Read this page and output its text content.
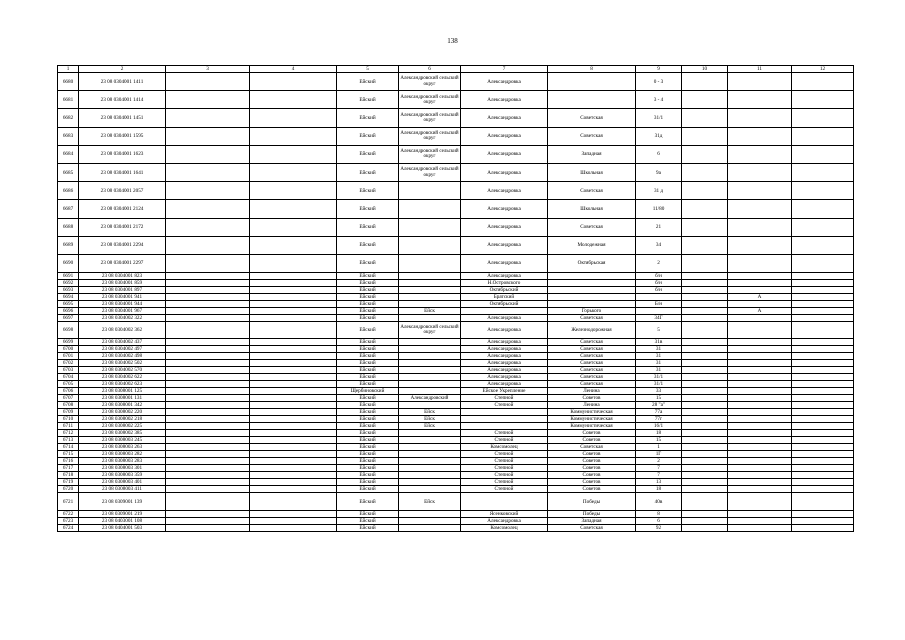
138
1	2	3	4	5	6	7	8	9	10	11	12
6680	23 08 0304001 1411			Ейский	Александровский сельский округ	Александровка		0 - 3			
6681	23 08 0304001 1414			Ейский	Александровский сельский округ	Александровка		3 - 4			
6682	23 08 0304001 1451			Ейский	Александровский сельский округ	Александровка	Советская	31/1			
6683	23 08 0304001 1595			Ейский	Александровский сельский округ	Александровка	Советская	31д			
6684	23 08 0304001 1623			Ейский	Александровский сельский округ	Александровка	Западная	6			
6685	23 08 0304001 1641			Ейский	Александровский сельский округ	Александровка	Школьная	9а			
6686	23 08 0304001 2057			Ейский		Александровка	Советская	31 д			
6687	23 08 0304001 2124			Ейский		Александровка	Школьная	11/80			
6688	23 08 0304001 2172			Ейский		Александровка	Советская	21			
6689	23 08 0304001 2294			Ейский		Александровка	Молодежная	34			
6690	23 08 0304001 2297			Ейский		Александровка	Октябрьская	2			
6691	23 08 0304001 823			Ейский		Александровка		б/н			
6692	23 08 0304001 859			Ейский		Н.Островского		б/н			
6693	23 08 0304001 897			Ейский		Октябрьский		б/н			
6694	23 08 0304001 941			Ейский		Братский				А	
6695	23 08 0304001 944			Ейский		Октябрьский		Б/н			
6696	23 08 0304001 967			Ейский	Ейск		Горького			А	
6697	23 08 0304002 322			Ейский		Александровка	Советская	34Г			
6698	23 08 0304002 362			Ейский	Александровский сельский округ	Александровка	Железнодорожная	5			
6699	23 08 0304002 437			Ейский		Александровка	Советская	31в			
6700	23 08 0304002 497			Ейский		Александровка	Советская	31			
6701	23 08 0304002 498			Ейский		Александровка	Советская	31			
6702	23 08 0304002 502			Ейский		Александровка	Советская	31			
6703	23 08 0304002 570			Ейский		Александровка	Советская	31			
6704	23 08 0304002 622			Ейский		Александровка	Советская	31/1			
6705	23 08 0304002 623			Ейский		Александровка	Советская	31/1			
6706	23 08 0308001 125			Щербиновский		Ейское Укрепление	Ленина	33			
6707	23 08 0308001 131			Ейский	Александровский	Степной	Советов	15			
6708	23 08 0308001 342			Ейский		Степной	Ленина	28 "а"			
6709	23 08 0308002 220			Ейский	Ейск		Коммунистическая	77а			
6710	23 08 0308002 218			Ейский	Ейск		Коммунистическая	77г			
6711	23 08 0308002 225			Ейский	Ейск		Коммунистическая	16/1			
6712	23 08 0308002 385			Ейский		Степной	Советов	18			
6713	23 08 0308003 245			Ейский		Степной	Советов	15			
6714	23 08 0308003 263			Ейский		Комсомолец	Советская	1			
6715	23 08 0308003 282			Ейский		Степной	Советов	1Г			
6716	23 08 0308003 283			Ейский		Степной	Советов	2			
6717	23 08 0308003 301			Ейский		Степной	Советов	7			
6718	23 08 0308003 359			Ейский		Степной	Советов	7			
6719	23 08 0308003 401			Ейский		Степной	Советов	13			
6720	23 08 0308003 411			Ейский		Степной	Советов	18			
6721	23 08 0309001 139			Ейский	Ейск		Победы	40в			
6722	23 08 0309001 219			Ейский		Ясенковский	Победы	8			
6723	23 08 0403001 108			Ейский		Александровка	Западная	6			
6724	23 08 0404001 503			Ейский		Комсомолец	Советская	92			
